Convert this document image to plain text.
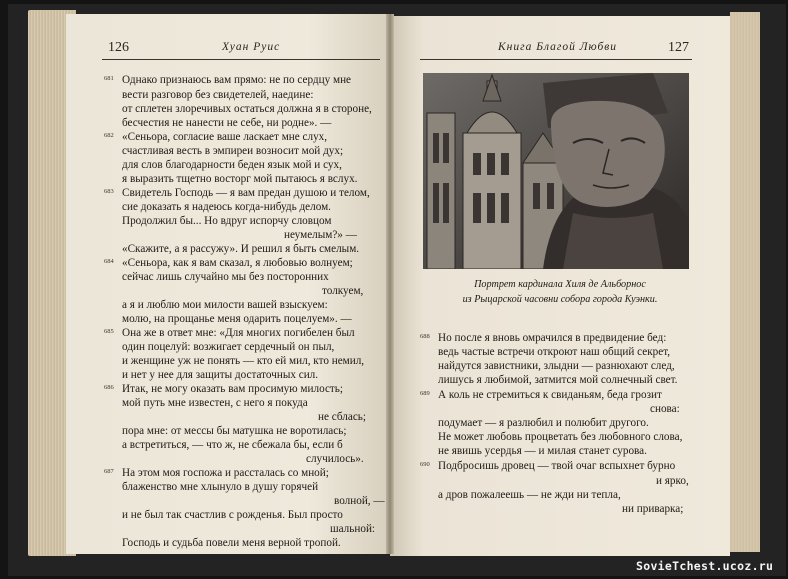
126	Хуан Руис	Книга Благой Любви	127
Портрет кардинала Хиля де Альборнос
из Рыцарской часовни собора города Куэнки.
Однако признаюсь вам прямо: не по сердцу мне
681
вести разговор без свидетелей, наедине:
от сплетен злоречивых остаться должна я в стороне,
бесчестия не нанести не себе, ни родне». —
«Сеньора, согласие ваше ласкает мне слух,
682
счастливая весть в эмпиреи возносит мой дух;
для слов благодарности беден язык мой и сух,
я выразить тщетно восторг мой пытаюсь я вслух.
Свидетель Господь — я вам предан душою и телом,
683
сие доказать я надеюсь когда-нибудь делом.
Продолжил бы... Но вдруг испорчу словцом
неумелым?» —
«Скажите, а я рассужу». И решил я быть смелым.
«Сеньора, как я вам сказал, я любовью волнуем;
684
сейчас лишь случайно мы без посторонних
толкуем,
а я и люблю мои милости вашей взыскуем:
молю, на прощанье меня одарить поцелуем». —
Она же в ответ мне: «Для многих погибелен был
685
один поцелуй: возжигает сердечный он пыл,
и женщине уж не понять — кто ей мил, кто немил,
и нет у нее для защиты достаточных сил.
Итак, не могу оказать вам просимую милость;
686
мой путь мне известен, с него я покуда
не сблась;
пора мне: от мессы бы матушка не воротилась;
а встретиться, — что ж, не сбежала бы, если б
случилось».
На этом моя госпожа и рассталась со мной;
687
блаженство мне хлынуло в душу горячей
волной, —
и не был так счастлив с рожденья. Был просто
шальной:
Господь и судьба повели меня верной тропой.
Но после я вновь омрачился в предвидение бед:
688
ведь частые встречи откроют наш общий секрет,
найдутся завистники, злыдни — разнюхают след,
лишусь я любимой, затмится мой солнечный свет.
А коль не стремиться к свиданьям, беда грозит
689
снова:
подумает — я разлюбил и полюбит другого.
Не может любовь процветать без любовного слова,
не явишь усердья — и милая станет сурова.
Подбросишь дровец — твой очаг вспыхнет бурно
690
и ярко,
а дров пожалеешь — не жди ни тепла,
ни приварка;
SovieTchest.ucoz.ru
